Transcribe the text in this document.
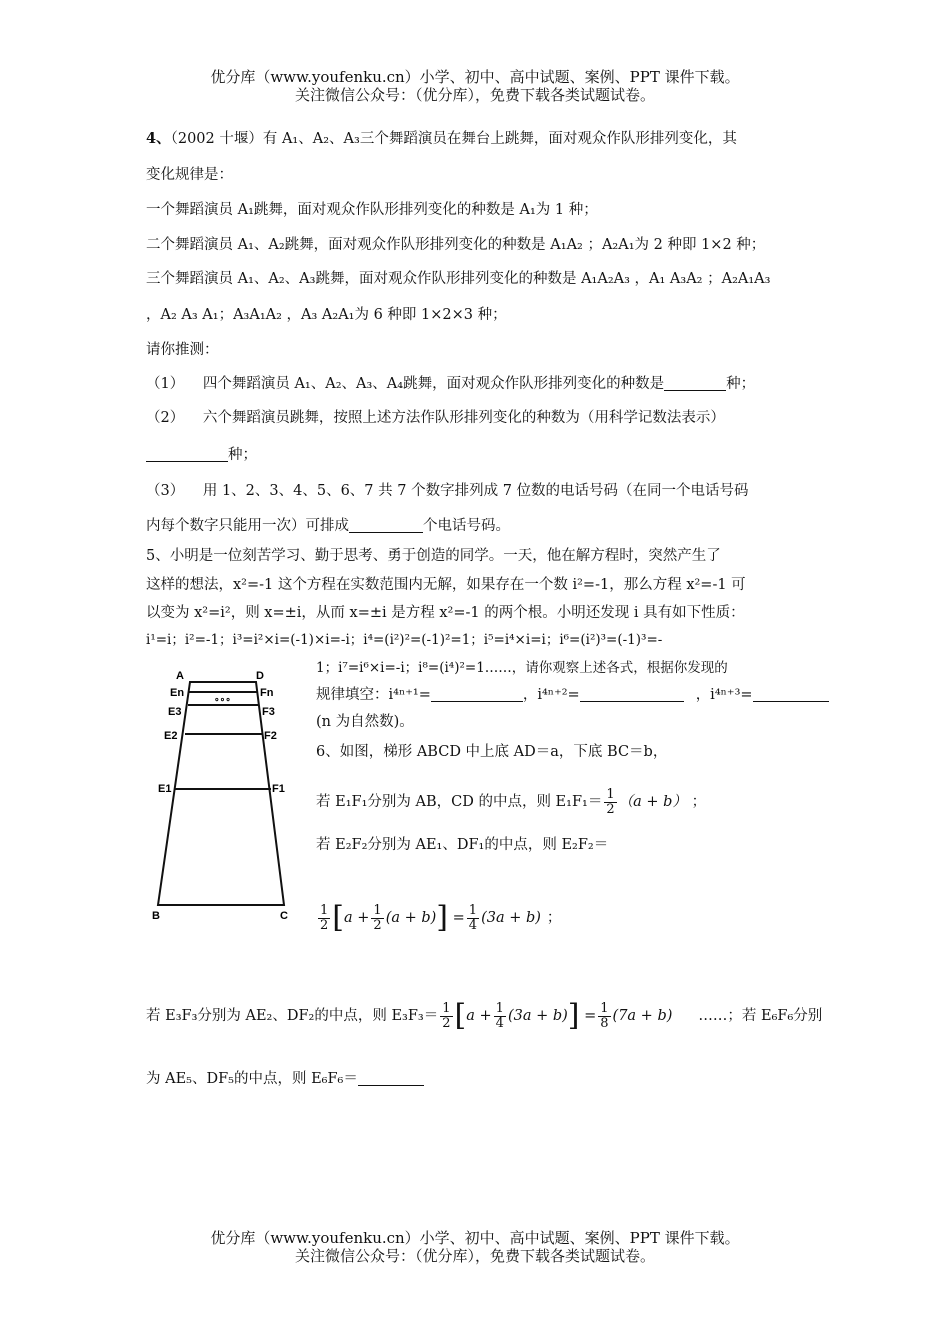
优分库（www.youfenku.cn）小学、初中、高中试题、案例、PPT 课件下载。
关注微信公众号：（优分库），免费下载各类试题试卷。
4、（2002 十堰）有 A₁、A₂、A₃三个舞蹈演员在舞台上跳舞，面对观众作队形排列变化，其
变化规律是：
一个舞蹈演员 A₁跳舞，面对观众作队形排列变化的种数是 A₁为 1 种；
二个舞蹈演员 A₁、A₂跳舞，面对观众作队形排列变化的种数是 A₁A₂ ；A₂A₁为 2 种即 1×2 种；
三个舞蹈演员 A₁、A₂、A₃跳舞，面对观众作队形排列变化的种数是 A₁A₂A₃ ，A₁ A₃A₂ ；A₂A₁A₃
，A₂ A₃ A₁；A₃A₁A₂ ，A₃ A₂A₁为 6 种即 1×2×3 种；
请你推测：
（1） 四个舞蹈演员 A₁、A₂、A₃、A₄跳舞，面对观众作队形排列变化的种数是	种；
（2） 六个舞蹈演员跳舞，按照上述方法作队形排列变化的种数为（用科学记数法表示）
种；
（3） 用 1、2、3、4、5、6、7 共 7 个数字排列成 7 位数的电话号码（在同一个电话号码
内每个数字只能用一次）可排成	个电话号码。
5、小明是一位刻苦学习、勤于思考、勇于创造的同学。一天，他在解方程时，突然产生了
这样的想法，x²=-1 这个方程在实数范围内无解，如果存在一个数 i²=-1，那么方程 x²=-1 可
以变为 x²=i²，则 x=±i，从而 x=±i 是方程 x²=-1 的两个根。小明还发现 i 具有如下性质：
i¹=i；i²=-1；i³=i²×i=(-1)×i=-i；i⁴=(i²)²=(-1)²=1；i⁵=i⁴×i=i；i⁶=(i²)³=(-1)³=-
1；i⁷=i⁶×i=-i；i⁸=(i⁴)²=1……，请你观察上述各式，根据你发现的
规律填空：i⁴ⁿ⁺¹=	，i⁴ⁿ⁺²=	，i⁴ⁿ⁺³=
(n 为自然数)。
∘∘∘
A	D
En	Fn
E3	F3
E2	F2
E1	F1
B	C
6、如图，梯形 ABCD 中上底 AD＝a，下底 BC＝b，
若 E₁F₁分别为 AB，CD 的中点，则 $E_1F_1= \frac{1}{2} (a + b)$ ；
若 E₂F₂分别为 AE₁、DF₁的中点，则 E₂F₂＝
$\frac{1}{2} [a + \frac{1}{2} (a + b)] = \frac{1}{4} (3a + b)$ ；
若 E₃F₃分别为 AE₂、DF₂的中点，则 $E_3F_3= \frac{1}{2} [a + \frac{1}{4} (3a + b)] = \frac{1}{8} (7a + b)$ ……；若 E₆F₆分别
为 AE₅、DF₅的中点，则 E₆F₆＝
优分库（www.youfenku.cn）小学、初中、高中试题、案例、PPT 课件下载。
关注微信公众号：（优分库），免费下载各类试题试卷。
